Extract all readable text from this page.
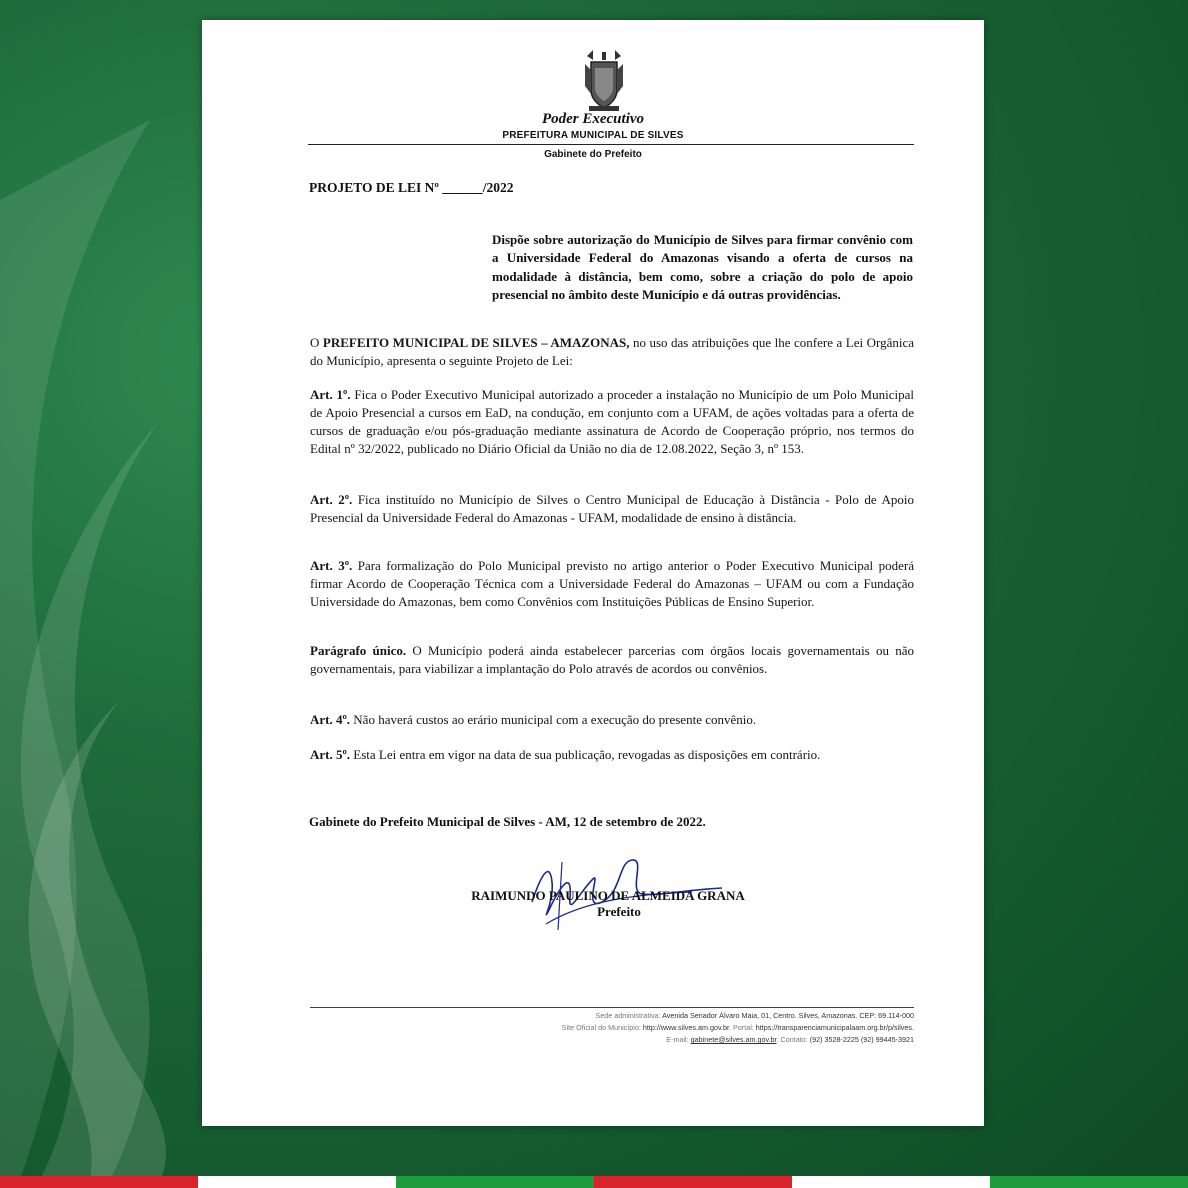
Poder Executivo
PREFEITURA MUNICIPAL DE SILVES
Gabinete do Prefeito
PROJETO DE LEI Nº ______/2022
Dispõe sobre autorização do Município de Silves para firmar convênio com a Universidade Federal do Amazonas visando a oferta de cursos na modalidade à distância, bem como, sobre a criação do polo de apoio presencial no âmbito deste Município e dá outras providências.
O PREFEITO MUNICIPAL DE SILVES – AMAZONAS, no uso das atribuições que lhe confere a Lei Orgânica do Município, apresenta o seguinte Projeto de Lei:
Art. 1º. Fica o Poder Executivo Municipal autorizado a proceder a instalação no Município de um Polo Municipal de Apoio Presencial a cursos em EaD, na condução, em conjunto com a UFAM, de ações voltadas para a oferta de cursos de graduação e/ou pós-graduação mediante assinatura de Acordo de Cooperação próprio, nos termos do Edital nº 32/2022, publicado no Diário Oficial da União no dia de 12.08.2022, Seção 3, nº 153.
Art. 2º. Fica instituído no Município de Silves o Centro Municipal de Educação à Distância - Polo de Apoio Presencial da Universidade Federal do Amazonas - UFAM, modalidade de ensino à distância.
Art. 3º. Para formalização do Polo Municipal previsto no artigo anterior o Poder Executivo Municipal poderá firmar Acordo de Cooperação Técnica com a Universidade Federal do Amazonas – UFAM ou com a Fundação Universidade do Amazonas, bem como Convênios com Instituições Públicas de Ensino Superior.
Parágrafo único. O Município poderá ainda estabelecer parcerias com órgãos locais governamentais ou não governamentais, para viabilizar a implantação do Polo através de acordos ou convênios.
Art. 4º. Não haverá custos ao erário municipal com a execução do presente convênio.
Art. 5º. Esta Lei entra em vigor na data de sua publicação, revogadas as disposições em contrário.
Gabinete do Prefeito Municipal de Silves - AM, 12 de setembro de 2022.
RAIMUNDO PAULINO DE ALMEIDA GRANA
Prefeito
Sede administrativa: Avenida Senador Álvaro Maia, 01, Centro. Silves, Amazonas. CEP: 69.114-000
Site Oficial do Município: http://www.silves.am.gov.br. Portal: https://transparenciamunicipalaam.org.br/p/silves.
E-mail: gabinete@silves.am.gov.br. Contato: (92) 3528-2225 (92) 99445-3921
